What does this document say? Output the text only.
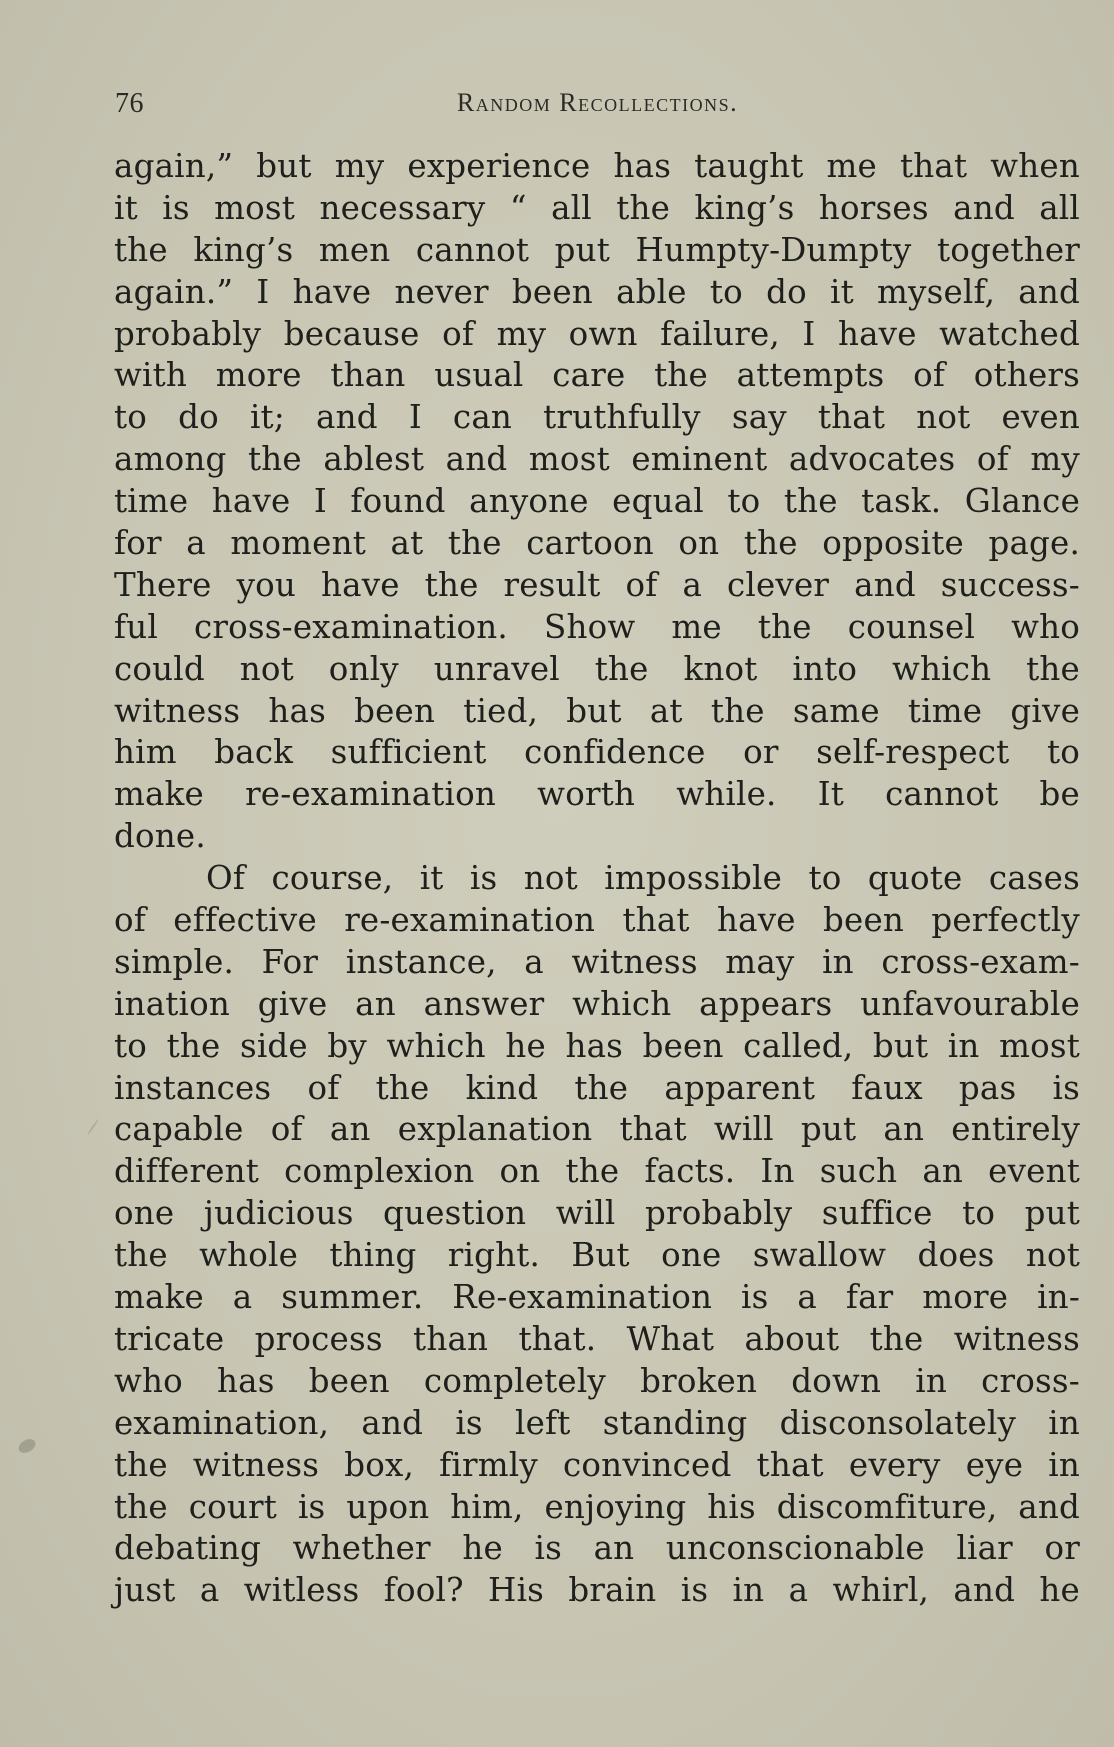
76	Random Recollections.
again,” but my experience has taught me that when
it is most necessary “ all the king’s horses and all
the king’s men cannot put Humpty-Dumpty together
again.” I have never been able to do it myself, and
probably because of my own failure, I have watched
with more than usual care the attempts of others
to do it; and I can truthfully say that not even
among the ablest and most eminent advocates of my
time have I found anyone equal to the task. Glance
for a moment at the cartoon on the opposite page.
There you have the result of a clever and success-
ful cross-examination. Show me the counsel who
could not only unravel the knot into which the
witness has been tied, but at the same time give
him back sufficient confidence or self-respect to
make re-examination worth while. It cannot be
done.
Of course, it is not impossible to quote cases
of effective re-examination that have been perfectly
simple. For instance, a witness may in cross-exam-
ination give an answer which appears unfavourable
to the side by which he has been called, but in most
instances of the kind the apparent faux pas is
capable of an explanation that will put an entirely
different complexion on the facts. In such an event
one judicious question will probably suffice to put
the whole thing right. But one swallow does not
make a summer. Re-examination is a far more in-
tricate process than that. What about the witness
who has been completely broken down in cross-
examination, and is left standing disconsolately in
the witness box, firmly convinced that every eye in
the court is upon him, enjoying his discomfiture, and
debating whether he is an unconscionable liar or
just a witless fool? His brain is in a whirl, and he
